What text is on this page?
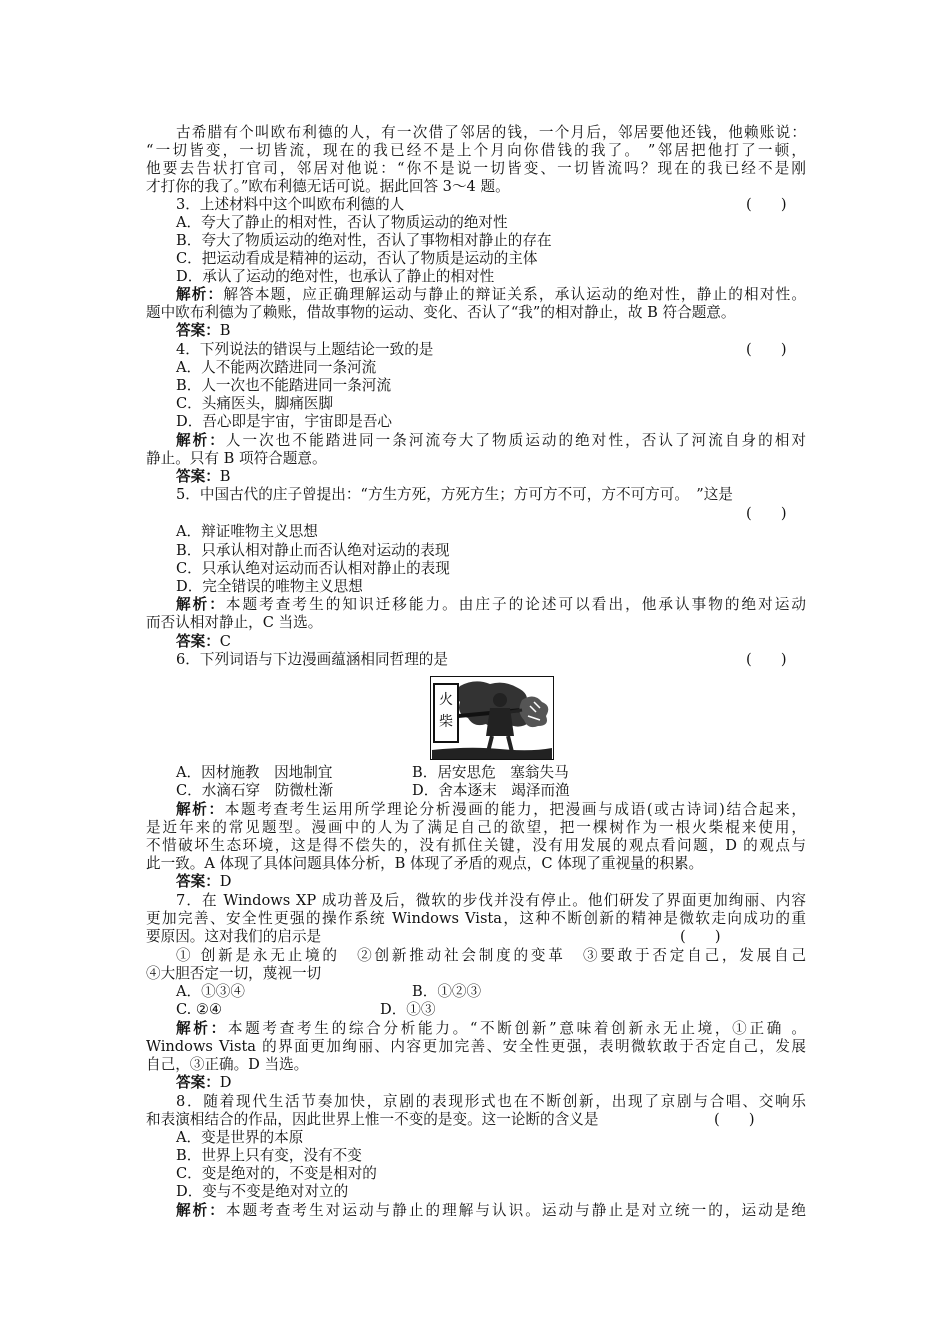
古希腊有个叫欧布利德的人，有一次借了邻居的钱，一个月后，邻居要他还钱，他赖账说：
“一切皆变，一切皆流，现在的我已经不是上个月向你借钱的我了。 ”邻居把他打了一顿，
他要去告状打官司，邻居对他说：“你不是说一切皆变、一切皆流吗？现在的我已经不是刚
才打你的我了。”欧布利德无话可说。据此回答 3～4 题。
3．上述材料中这个叫欧布利德的人	(　　)
A．夸大了静止的相对性，否认了物质运动的绝对性
B．夸大了物质运动的绝对性，否认了事物相对静止的存在
C．把运动看成是精神的运动，否认了物质是运动的主体
D．承认了运动的绝对性，也承认了静止的相对性
解析：解答本题，应正确理解运动与静止的辩证关系，承认运动的绝对性，静止的相对性。
题中欧布利德为了赖账，借故事物的运动、变化、否认了“我”的相对静止，故 B 符合题意。
答案：B
4．下列说法的错误与上题结论一致的是	(　　)
A．人不能两次踏进同一条河流
B．人一次也不能踏进同一条河流
C．头痛医头，脚痛医脚
D．吾心即是宇宙，宇宙即是吾心
解析：人一次也不能踏进同一条河流夸大了物质运动的绝对性，否认了河流自身的相对
静止。只有 B 项符合题意。
答案：B
5．中国古代的庄子曾提出：“方生方死，方死方生；方可方不可，方不可方可。　”这是
(　　)
A．辩证唯物主义思想
B．只承认相对静止而否认绝对运动的表现
C．只承认绝对运动而否认相对静止的表现
D．完全错误的唯物主义思想
解析：本题考查考生的知识迁移能力。由庄子的论述可以看出，他承认事物的绝对运动
而否认相对静止，C 当选。
答案：C
6．下列词语与下边漫画蕴涵相同哲理的是	(　　)
火
柴
A．因材施教　因地制宜	B．居安思危　塞翁失马
C．水滴石穿　防微杜渐	D．舍本逐末　竭泽而渔
解析：本题考查考生运用所学理论分析漫画的能力，把漫画与成语(或古诗词)结合起来，
是近年来的常见题型。漫画中的人为了满足自己的欲望，把一棵树作为一根火柴棍来使用，
不惜破坏生态环境，这是得不偿失的，没有抓住关键，没有用发展的观点看问题，D 的观点与
此一致。A 体现了具体问题具体分析，B 体现了矛盾的观点，C 体现了重视量的积累。
答案：D
7．在 Windows XP 成功普及后，微软的步伐并没有停止。他们研发了界面更加绚丽、内容
更加完善、安全性更强的操作系统 Windows Vista，这种不断创新的精神是微软走向成功的重
要原因。这对我们的启示是	(　　)
① 创新是永无止境的　②创新推动社会制度的变革　③要敢于否定自己，发展自己
④大胆否定一切，蔑视一切
A．①③④	B．①②③
C. ②④	D．①③
解析：本题考查考生的综合分析能力。“不断创新”意味着创新永无止境，①正确 。
Windows Vista 的界面更加绚丽、内容更加完善、安全性更强，表明微软敢于否定自己，发展
自己，③正确。D 当选。
答案：D
8．随着现代生活节奏加快，京剧的表现形式也在不断创新，出现了京剧与合唱、交响乐
和表演相结合的作品，因此世界上惟一不变的是变。这一论断的含义是	(　　)
A．变是世界的本原
B．世界上只有变，没有不变
C．变是绝对的，不变是相对的
D．变与不变是绝对对立的
解析：本题考查考生对运动与静止的理解与认识。运动与静止是对立统一的，运动是绝
